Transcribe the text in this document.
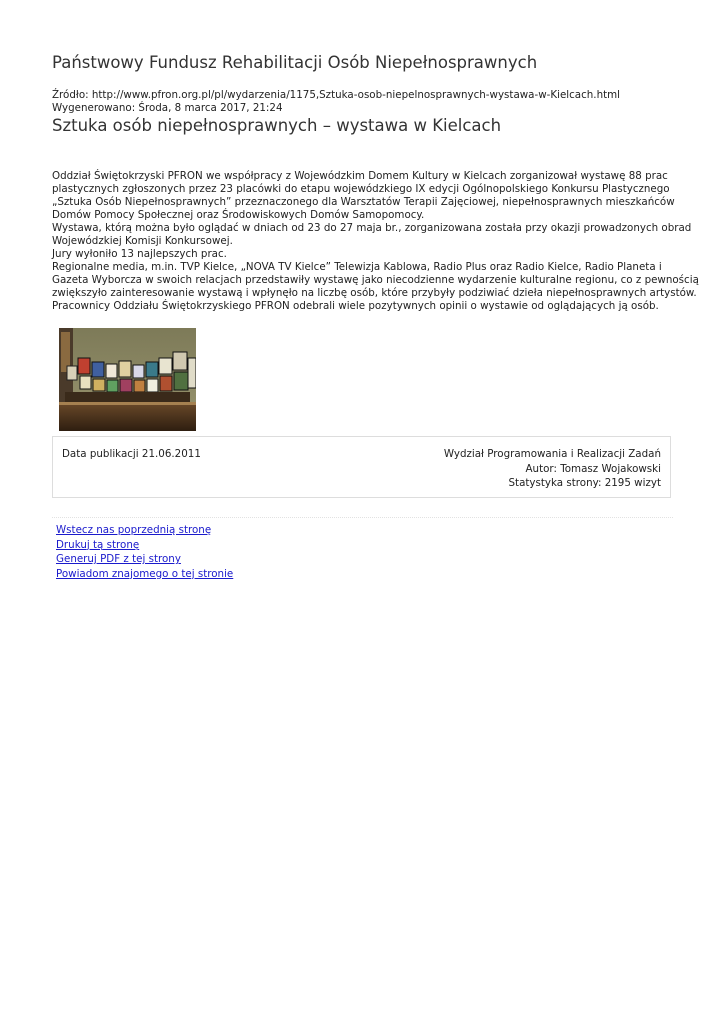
Państwowy Fundusz Rehabilitacji Osób Niepełnosprawnych
Źródło: http://www.pfron.org.pl/pl/wydarzenia/1175,Sztuka-osob-niepelnosprawnych-wystawa-w-Kielcach.html
Wygenerowano: Środa, 8 marca 2017, 21:24
Sztuka osób niepełnosprawnych – wystawa w Kielcach
Oddział Świętokrzyski PFRON we współpracy z Wojewódzkim Domem Kultury w Kielcach zorganizował wystawę 88 prac
plastycznych zgłoszonych przez 23 placówki do etapu wojewódzkiego IX edycji Ogólnopolskiego Konkursu Plastycznego
„Sztuka Osób Niepełnosprawnych” przeznaczonego dla Warsztatów Terapii Zajęciowej, niepełnosprawnych mieszkańców
Domów Pomocy Społecznej oraz Środowiskowych Domów Samopomocy.
Wystawa, którą można było oglądać w dniach od 23 do 27 maja br., zorganizowana została przy okazji prowadzonych obrad
Wojewódzkiej Komisji Konkursowej.
Jury wyłoniło 13 najlepszych prac.
Regionalne media, m.in. TVP Kielce, „NOVA TV Kielce” Telewizja Kablowa, Radio Plus oraz Radio Kielce, Radio Planeta i
Gazeta Wyborcza w swoich relacjach przedstawiły wystawę jako niecodzienne wydarzenie kulturalne regionu, co z pewnością
zwiększyło zainteresowanie wystawą i wpłynęło na liczbę osób, które przybyły podziwiać dzieła niepełnosprawnych artystów.
Pracownicy Oddziału Świętokrzyskiego PFRON odebrali wiele pozytywnych opinii o wystawie od oglądających ją osób.
Data publikacji 21.06.2011	Wydział Programowania i Realizacji Zadań
Autor: Tomasz Wojakowski
Statystyka strony: 2195 wizyt
Wstecz nas poprzednią stronę
Drukuj tą stronę
Generuj PDF z tej strony
Powiadom znajomego o tej stronie
